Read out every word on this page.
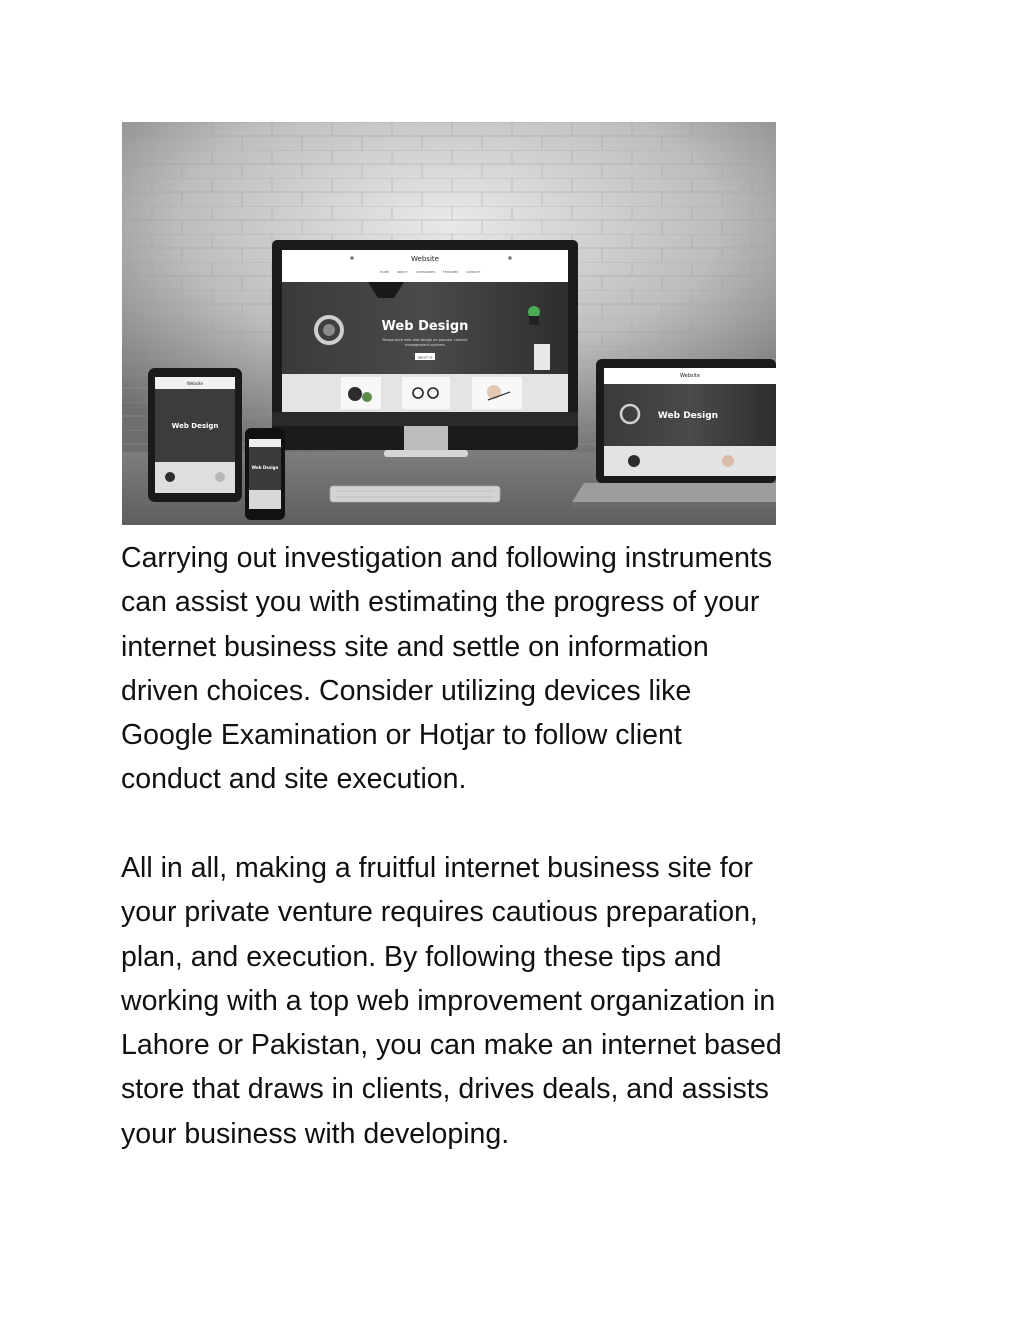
Website
HOME	ABOUT	CATEGORIES	FEATURES	CONTACT
Web Design
Responsive web site design on popular content
management systems
ABOUT US
Website
Web Design
Web Design
Website
Web Design
Carrying out investigation and following instruments
can assist you with estimating the progress of your
internet business site and settle on information
driven choices. Consider utilizing devices like
Google Examination or Hotjar to follow client
conduct and site execution.
All in all, making a fruitful internet business site for
your private venture requires cautious preparation,
plan, and execution. By following these tips and
working with a top web improvement organization in
Lahore or Pakistan, you can make an internet based
store that draws in clients, drives deals, and assists
your business with developing.
